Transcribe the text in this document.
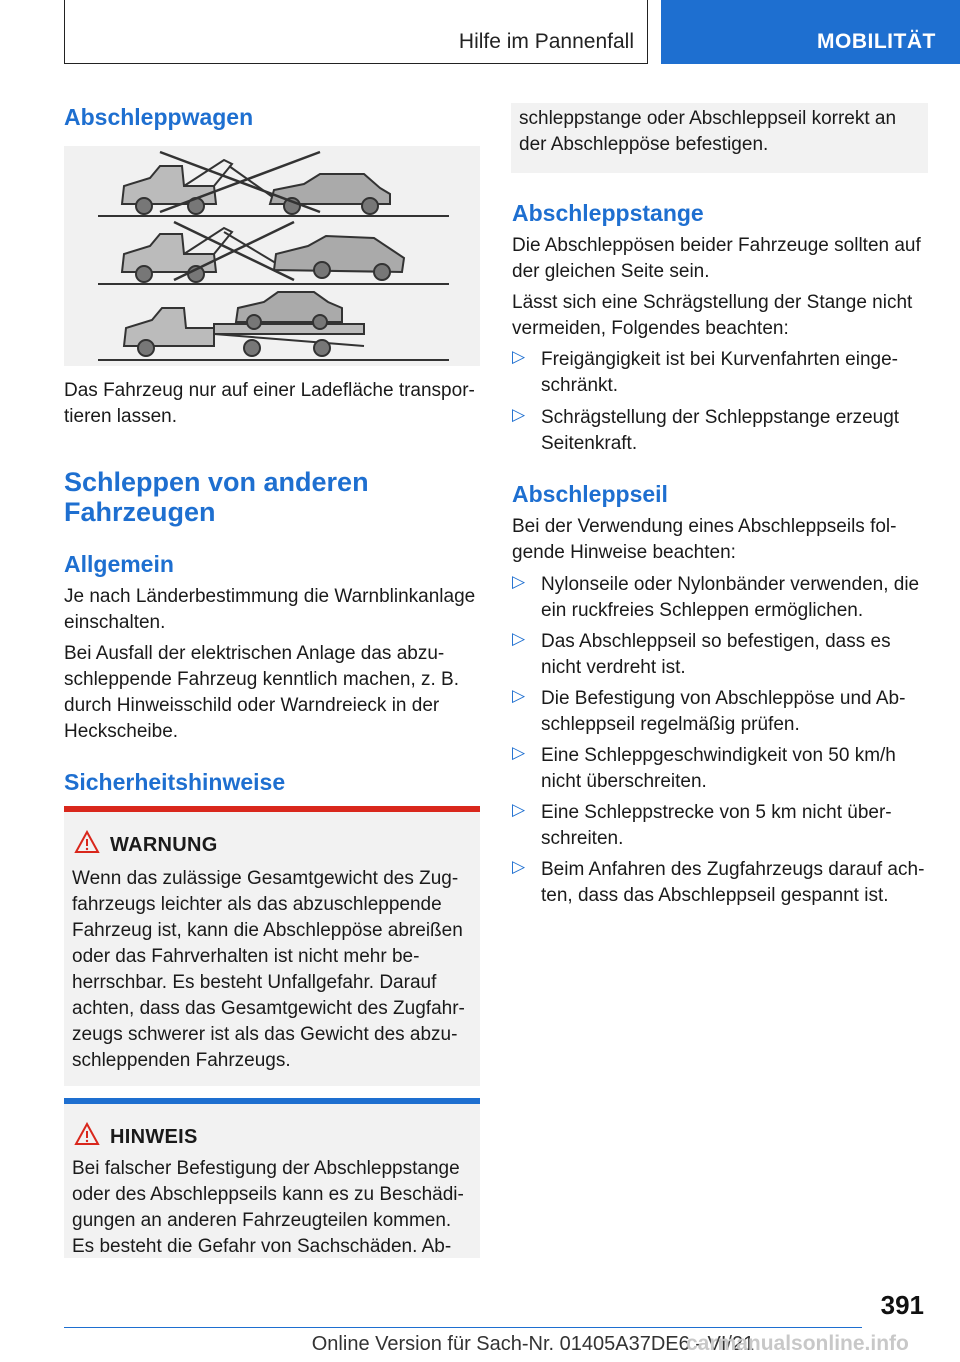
Hilfe im Pannenfall	MOBILITÄT
Abschleppwagen

Das Fahrzeug nur auf einer Ladefläche transpor-tieren lassen.

Schleppen von anderen Fahrzeugen
Allgemein

Je nach Länderbestimmung die Warnblinkanlage einschalten.

Bei Ausfall der elektrischen Anlage das abzu-schleppende Fahrzeug kenntlich machen, z. B. durch Hinweisschild oder Warndreieck in der Heckscheibe.

Sicherheitshinweise
WARNUNG
Wenn das zulässige Gesamtgewicht des Zug-fahrzeugs leichter als das abzuschleppende Fahrzeug ist, kann die Abschleppöse abreißen oder das Fahrverhalten ist nicht mehr be-herrschbar. Es besteht Unfallgefahr. Darauf achten, dass das Gesamtgewicht des Zugfahr-zeugs schwerer ist als das Gewicht des abzu-schleppenden Fahrzeugs.
HINWEIS
Bei falscher Befestigung der Abschleppstange oder des Abschleppseils kann es zu Beschädi-gungen an anderen Fahrzeugteilen kommen. Es besteht die Gefahr von Sachschäden. Ab-

schleppstange oder Abschleppseil korrekt an der Abschleppöse befestigen.

Abschleppstange

Die Abschleppösen beider Fahrzeuge sollten auf der gleichen Seite sein.

Lässt sich eine Schrägstellung der Stange nicht vermeiden, Folgendes beachten:

▷ Freigängigkeit ist bei Kurvenfahrten einge-schränkt.
▷ Schrägstellung der Schleppstange erzeugt Seitenkraft.
Abschleppseil

Bei der Verwendung eines Abschleppseils fol-gende Hinweise beachten:

▷ Nylonseile oder Nylonbänder verwenden, die ein ruckfreies Schleppen ermöglichen.
▷ Das Abschleppseil so befestigen, dass es nicht verdreht ist.
▷ Die Befestigung von Abschleppöse und Ab-schleppseil regelmäßig prüfen.
▷ Eine Schleppgeschwindigkeit von 50 km/h nicht überschreiten.
▷ Eine Schleppstrecke von 5 km nicht über-schreiten.
▷ Beim Anfahren des Zugfahrzeugs darauf ach-ten, dass das Abschleppseil gespannt ist.
391
Online Version für Sach-Nr. 01405A37DE6 - VI/21
carmanualsonline.info
